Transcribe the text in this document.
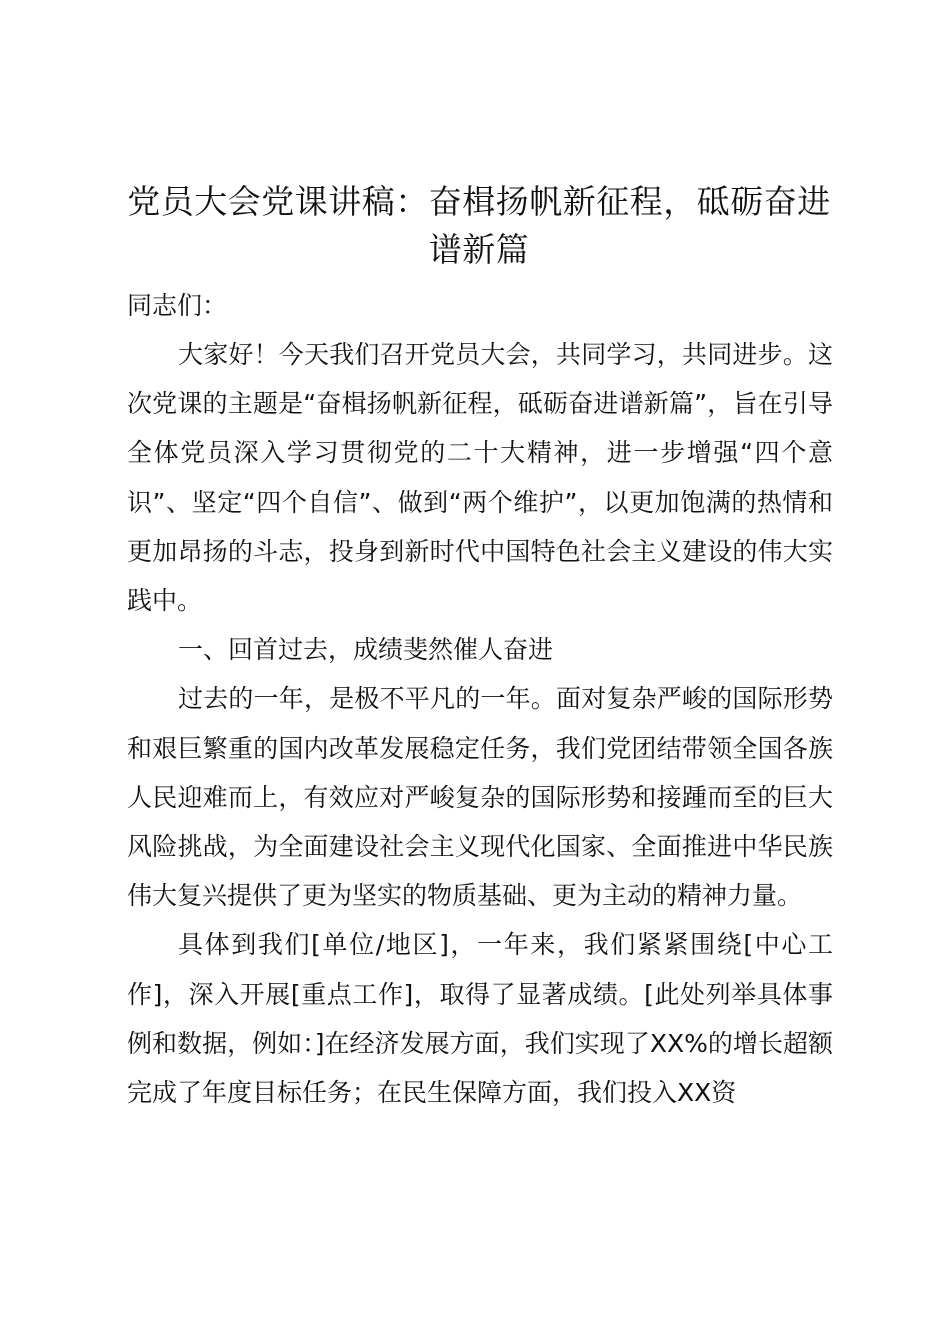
党员大会党课讲稿：奋楫扬帆新征程，砥砺奋进谱新篇

同志们：

大家好！今天我们召开党员大会，共同学习，共同进步。这次党课的主题是“奋楫扬帆新征程，砥砺奋进谱新篇”，旨在引导全体党员深入学习贯彻党的二十大精神，进一步增强“四个意识”、坚定“四个自信”、做到“两个维护”，以更加饱满的热情和更加昂扬的斗志，投身到新时代中国特色社会主义建设的伟大实践中。

一、回首过去，成绩斐然催人奋进

过去的一年，是极不平凡的一年。面对复杂严峻的国际形势和艰巨繁重的国内改革发展稳定任务，我们党团结带领全国各族人民迎难而上，有效应对严峻复杂的国际形势和接踵而至的巨大风险挑战，为全面建设社会主义现代化国家、全面推进中华民族伟大复兴提供了更为坚实的物质基础、更为主动的精神力量。

具体到我们[单位/地区]，一年来，我们紧紧围绕[中心工作]，深入开展[重点工作]，取得了显著成绩。[此处列举具体事例和数据，例如：]在经济发展方面，我们实现了XX%的增长超额完成了年度目标任务；在民生保障方面，我们投入XX资
